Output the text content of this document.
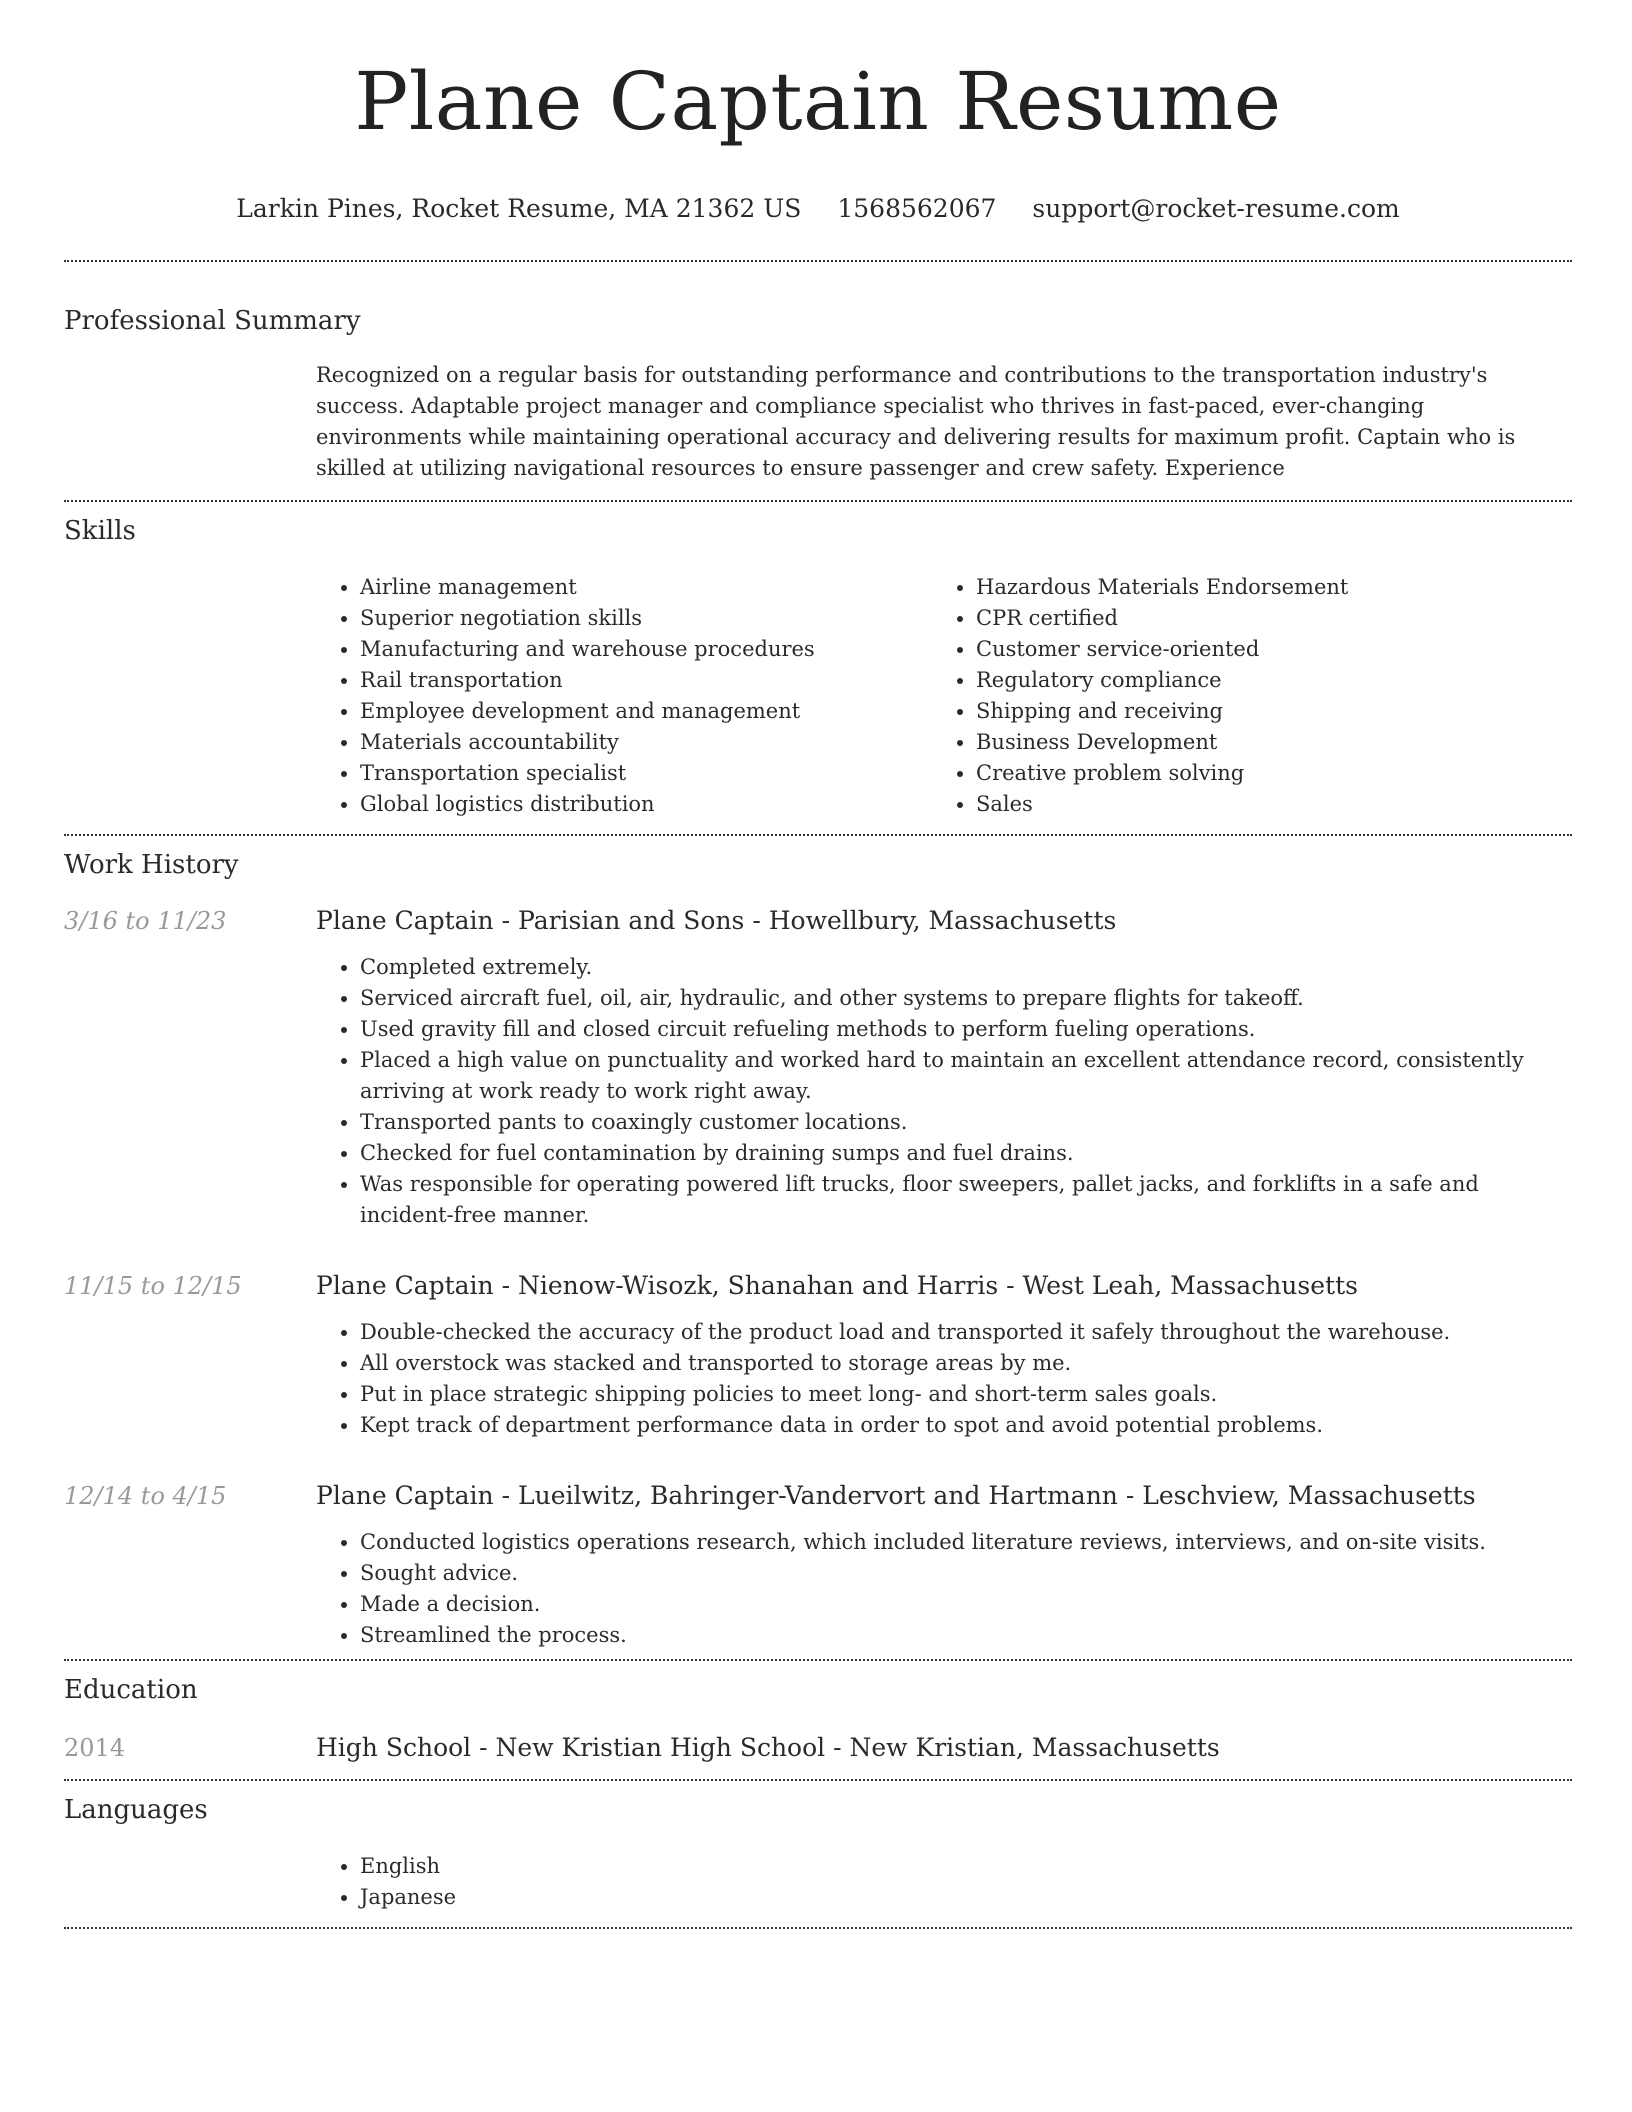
Plane Captain Resume
Larkin Pines, Rocket Resume, MA 21362 US 1568562067 support@rocket-resume.com
Professional Summary
Recognized on a regular basis for outstanding performance and contributions to the transportation industry's success. Adaptable project manager and compliance specialist who thrives in fast-paced, ever-changing environments while maintaining operational accuracy and delivering results for maximum profit. Captain who is skilled at utilizing navigational resources to ensure passenger and crew safety. Experience
Skills
• Airline management
• Superior negotiation skills
• Manufacturing and warehouse procedures
• Rail transportation
• Employee development and management
• Materials accountability
• Transportation specialist
• Global logistics distribution
• Hazardous Materials Endorsement
• CPR certified
• Customer service-oriented
• Regulatory compliance
• Shipping and receiving
• Business Development
• Creative problem solving
• Sales
Work History
3/16 to 11/23	Plane Captain - Parisian and Sons - Howellbury, Massachusetts
• Completed extremely.
• Serviced aircraft fuel, oil, air, hydraulic, and other systems to prepare flights for takeoff.
• Used gravity fill and closed circuit refueling methods to perform fueling operations.
• Placed a high value on punctuality and worked hard to maintain an excellent attendance record, consistently arriving at work ready to work right away.
• Transported pants to coaxingly customer locations.
• Checked for fuel contamination by draining sumps and fuel drains.
• Was responsible for operating powered lift trucks, floor sweepers, pallet jacks, and forklifts in a safe and incident-free manner.
11/15 to 12/15	Plane Captain - Nienow-Wisozk, Shanahan and Harris - West Leah, Massachusetts
• Double-checked the accuracy of the product load and transported it safely throughout the warehouse.
• All overstock was stacked and transported to storage areas by me.
• Put in place strategic shipping policies to meet long- and short-term sales goals.
• Kept track of department performance data in order to spot and avoid potential problems.
12/14 to 4/15	Plane Captain - Lueilwitz, Bahringer-Vandervort and Hartmann - Leschview, Massachusetts
• Conducted logistics operations research, which included literature reviews, interviews, and on-site visits.
• Sought advice.
• Made a decision.
• Streamlined the process.
Education
2014	High School - New Kristian High School - New Kristian, Massachusetts
Languages
• English
• Japanese
